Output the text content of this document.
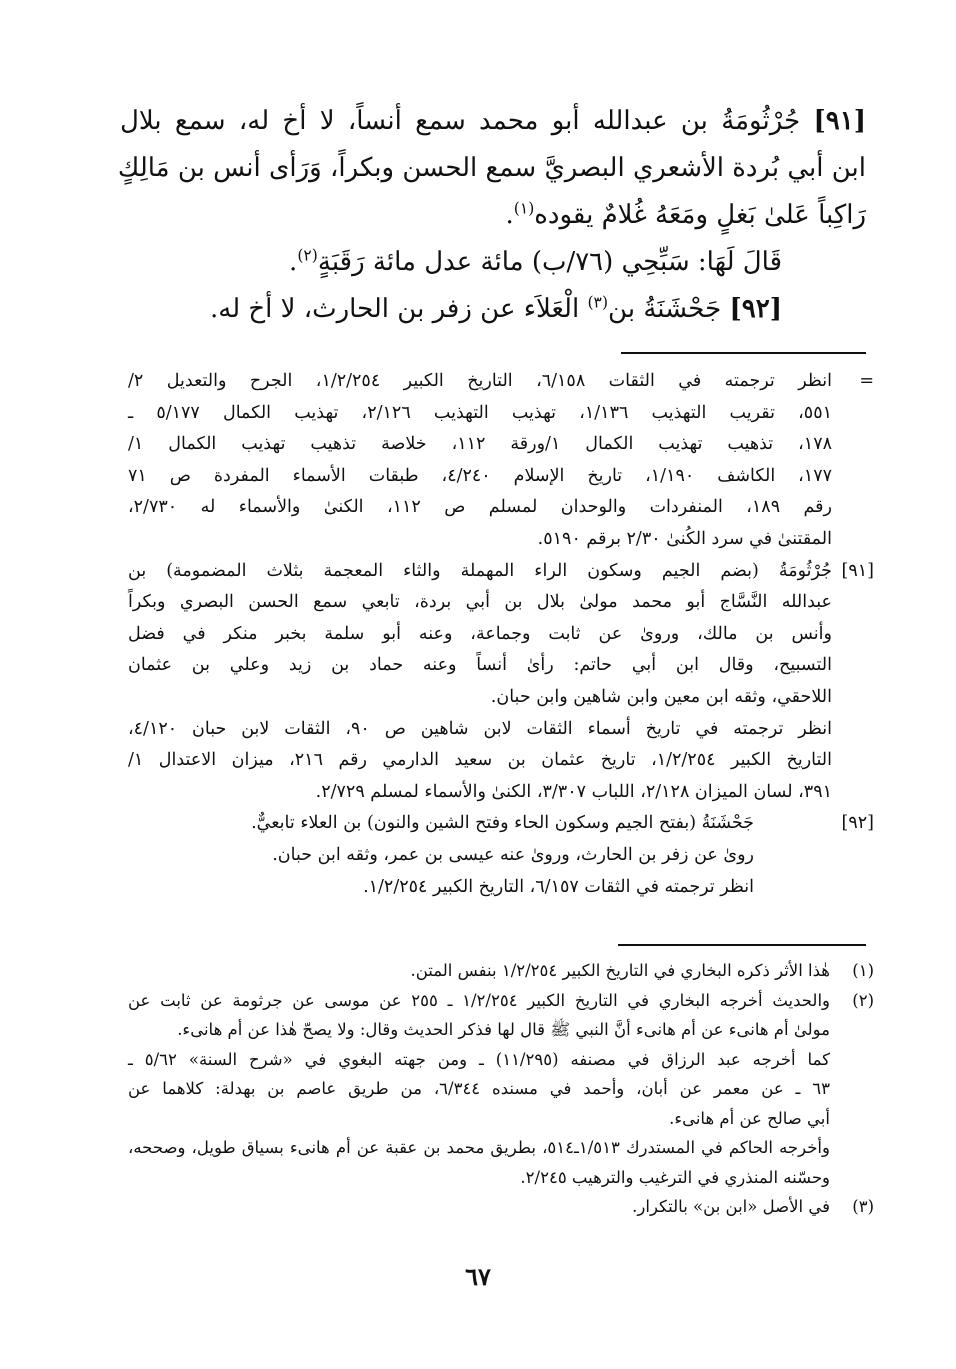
[٩١] جُرْثُومَةُ بن عبدالله أبو محمد سمع أنساً، لا أخ له، سمع بلال
ابن أبي بُردة الأشعري البصريَّ سمع الحسن وبكراً، وَرَأى أنس بن مَالِكٍ
رَاكِباً عَلىٰ بَغلٍ ومَعَهُ غُلامٌ يقوده$^{(١)}$.
قَالَ لَهَا: سَبِّحِي (٧٦/ب) مائة عدل مائة رَقَبَةٍ$^{(٢)}$.
[٩٢] جَحْشَنَةُ بن$^{(٣)}$ الْعَلاَء عن زفر بن الحارث، لا أخ له.
=
انظر ترجمته في الثقات ٦/١٥٨، التاريخ الكبير ١/٢/٢٥٤، الجرح والتعديل ٢/
٥٥١، تقريب التهذيب ١/١٣٦، تهذيب التهذيب ٢/١٢٦، تهذيب الكمال ٥/١٧٧ ـ
١٧٨، تذهيب تهذيب الكمال ١/ورقة ١١٢، خلاصة تذهيب تهذيب الكمال ١/
١٧٧، الكاشف ١/١٩٠، تاريخ الإسلام ٤/٢٤٠، طبقات الأسماء المفردة ص ٧١
رقم ١٨٩، المنفردات والوحدان لمسلم ص ١١٢، الكنىٰ والأسماء له ٢/٧٣٠،
المقتنىٰ في سرد الكُنىٰ ٢/٣٠ برقم ٥١٩٠.
[٩١]
جُرْثُومَةُ (بضم الجيم وسكون الراء المهملة والثاء المعجمة بثلاث المضمومة) بن
عبدالله النَّسَّاج أبو محمد مولىٰ بلال بن أبي بردة، تابعي سمع الحسن البصري وبكراً
وأنس بن مالك، وروىٰ عن ثابت وجماعة، وعنه أبو سلمة بخبر منكر في فضل
التسبيح، وقال ابن أبي حاتم: رأىٰ أنساً وعنه حماد بن زيد وعلي بن عثمان
اللاحقي، وثقه ابن معين وابن شاهين وابن حبان.
انظر ترجمته في تاريخ أسماء الثقات لابن شاهين ص ٩٠، الثقات لابن حبان ٤/١٢٠،
التاريخ الكبير ١/٢/٢٥٤، تاريخ عثمان بن سعيد الدارمي رقم ٢١٦، ميزان الاعتدال ١/
٣٩١، لسان الميزان ٢/١٢٨، اللباب ٣/٣٠٧، الكنىٰ والأسماء لمسلم ٢/٧٢٩.
[٩٢]
جَحْشَنَةُ (بفتح الجيم وسكون الحاء وفتح الشين والنون) بن العلاء تابعيٌّ.
روىٰ عن زفر بن الحارث، وروىٰ عنه عيسى بن عمر، وثقه ابن حبان.
انظر ترجمته في الثقات ٦/١٥٧، التاريخ الكبير ١/٢/٢٥٤.
(١)
هٰذا الأثر ذكره البخاري في التاريخ الكبير ١/٢/٢٥٤ بنفس المتن.
(٢)
والحديث أخرجه البخاري في التاريخ الكبير ١/٢/٢٥٤ ـ ٢٥٥ عن موسى عن جرثومة عن ثابت عن
مولىٰ أم هانىء عن أم هانىء أنَّ النبي ﷺ قال لها فذكر الحديث وقال: ولا يصحّ هٰذا عن أم هانىء.
كما أخرجه عبد الرزاق في مصنفه (١١/٢٩٥) ـ ومن جهته البغوي في «شرح السنة» ٥/٦٢ ـ
٦٣ ـ عن معمر عن أبان، وأحمد في مسنده ٦/٣٤٤، من طريق عاصم بن بهدلة: كلاهما عن
أبي صالح عن أم هانىء.
وأخرجه الحاكم في المستدرك ١/٥١٣ـ٥١٤، بطريق محمد بن عقبة عن أم هانىء بسياق طويل، وصححه،
وحسّنه المنذري في الترغيب والترهيب ٢/٢٤٥.
(٣)
في الأصل «ابن بن» بالتكرار.
٦٧
